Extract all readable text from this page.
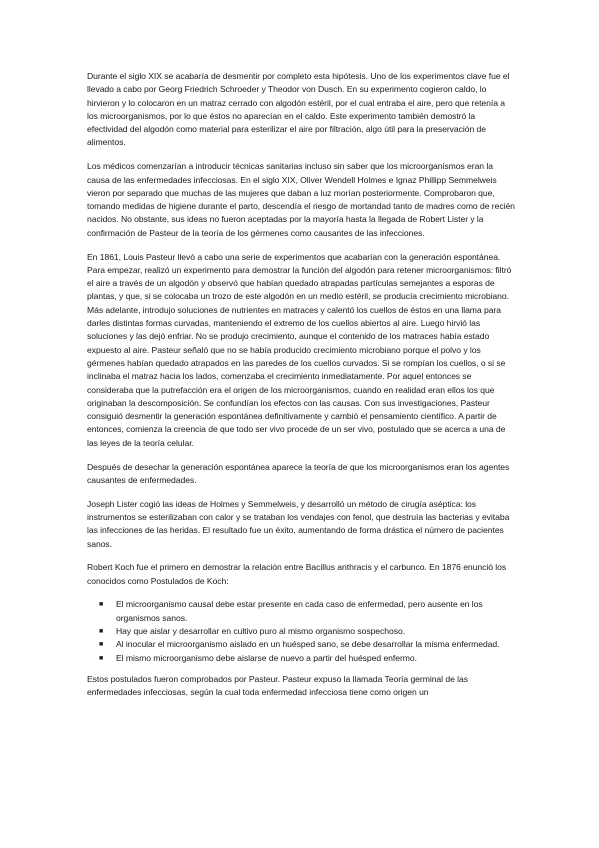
Durante el siglo XIX se acabaría de desmentir por completo esta hipótesis. Uno de los experimentos clave fue el llevado a cabo por Georg Friedrich Schroeder y Theodor von Dusch. En su experimento cogieron caldo, lo hirvieron y lo colocaron en un matraz cerrado con algodón estéril, por el cual entraba el aire, pero que retenía a los microorganismos, por lo que éstos no aparecían en el caldo. Este experimento también demostró la efectividad del algodón como material para esterilizar el aire por filtración, algo útil para la preservación de alimentos.

Los médicos comenzarían a introducir técnicas sanitarias incluso sin saber que los microorganismos eran la causa de las enfermedades infecciosas. En el siglo XIX, Oliver Wendell Holmes e Ignaz Phillipp Semmelweis vieron por separado que muchas de las mujeres que daban a luz morían posteriormente. Comprobaron que, tomando medidas de higiene durante el parto, descendía el riesgo de mortandad tanto de madres como de recién nacidos. No obstante, sus ideas no fueron aceptadas por la mayoría hasta la llegada de Robert Lister y la confirmación de Pasteur de la teoría de los gérmenes como causantes de las infecciones.

En 1861, Louis Pasteur llevó a cabo una serie de experimentos que acabarían con la generación espontánea. Para empezar, realizó un experimento para demostrar la función del algodón para retener microorganismos: filtró el aire a través de un algodón y observó que habían quedado atrapadas partículas semejantes a esporas de plantas, y que, si se colocaba un trozo de este algodón en un medio estéril, se producía crecimiento microbiano. Más adelante, introdujo soluciones de nutrientes en matraces y calentó los cuellos de éstos en una llama para darles distintas formas curvadas, manteniendo el extremo de los cuellos abiertos al aire. Luego hirvió las soluciones y las dejó enfriar. No se produjo crecimiento, aunque el contenido de los matraces había estado expuesto al aire. Pasteur señaló que no se había producido crecimiento microbiano porque el polvo y los gérmenes habían quedado atrapados en las paredes de los cuellos curvados. Si se rompían los cuellos, o si se inclinaba el matraz hacia los lados, comenzaba el crecimiento inmediatamente. Por aquel entonces se consideraba que la putrefacción era el origen de los microorganismos, cuando en realidad eran ellos los que originaban la descomposición. Se confundían los efectos con las causas. Con sus investigaciones, Pasteur consiguió desmentir la generación espontánea definitivamente y cambió el pensamiento científico. A partir de entonces, comienza la creencia de que todo ser vivo procede de un ser vivo, postulado que se acerca a una de las leyes de la teoría celular.

Después de desechar la generación espontánea aparece la teoría de que los microorganismos eran los agentes causantes de enfermedades.

Joseph Lister cogió las ideas de Holmes y Semmelweis, y desarrolló un método de cirugía aséptica: los instrumentos se esterilizaban con calor y se trataban los vendajes con fenol, que destruía las bacterias y evitaba las infecciones de las heridas. El resultado fue un éxito, aumentando de forma drástica el número de pacientes sanos.

Robert Koch fue el primero en demostrar la relación entre Bacillus anthracis y el carbunco. En 1876 enunció los conocidos como Postulados de Koch:

■ El microorganismo causal debe estar presente en cada caso de enfermedad, pero ausente en los organismos sanos.
■ Hay que aislar y desarrollar en cultivo puro al mismo organismo sospechoso.
■ Al inocular el microorganismo aislado en un huésped sano, se debe desarrollar la misma enfermedad.
■ El mismo microorganismo debe aislarse de nuevo a partir del huésped enfermo.

Estos postulados fueron comprobados por Pasteur. Pasteur expuso la llamada Teoría germinal de las enfermedades infecciosas, según la cual toda enfermedad infecciosa tiene como origen un
